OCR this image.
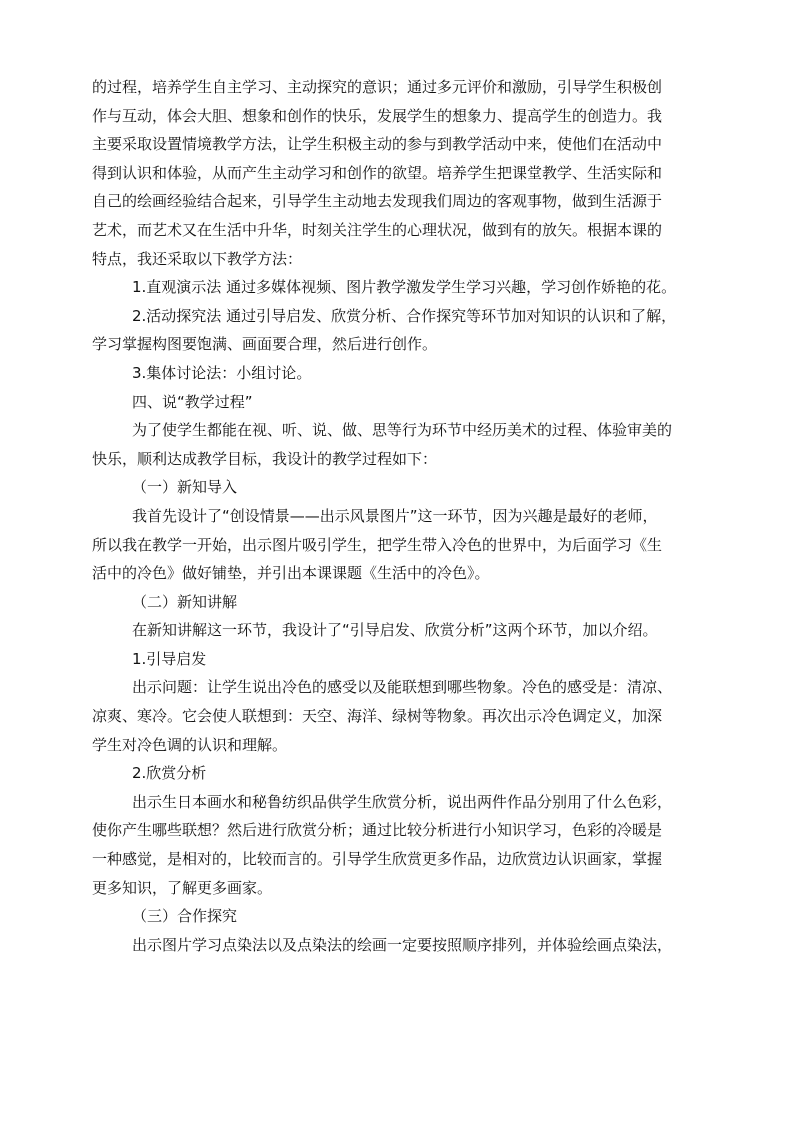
的过程，培养学生自主学习、主动探究的意识；通过多元评价和激励，引导学生积极创
作与互动，体会大胆、想象和创作的快乐，发展学生的想象力、提高学生的创造力。我
主要采取设置情境教学方法，让学生积极主动的参与到教学活动中来，使他们在活动中
得到认识和体验，从而产生主动学习和创作的欲望。培养学生把课堂教学、生活实际和
自己的绘画经验结合起来，引导学生主动地去发现我们周边的客观事物，做到生活源于
艺术，而艺术又在生活中升华，时刻关注学生的心理状况，做到有的放矢。根据本课的
特点，我还采取以下教学方法：
1.直观演示法 通过多媒体视频、图片教学激发学生学习兴趣，学习创作娇艳的花。
2.活动探究法 通过引导启发、欣赏分析、合作探究等环节加对知识的认识和了解，
学习掌握构图要饱满、画面要合理，然后进行创作。
3.集体讨论法：小组讨论。
四、说“教学过程”
为了使学生都能在视、听、说、做、思等行为环节中经历美术的过程、体验审美的
快乐，顺利达成教学目标，我设计的教学过程如下：
（一）新知导入
我首先设计了“创设情景——出示风景图片”这一环节，因为兴趣是最好的老师，
所以我在教学一开始，出示图片吸引学生，把学生带入冷色的世界中，为后面学习《生
活中的冷色》做好铺垫，并引出本课课题《生活中的冷色》。
（二）新知讲解
在新知讲解这一环节，我设计了“引导启发、欣赏分析”这两个环节，加以介绍。
1.引导启发
出示问题：让学生说出冷色的感受以及能联想到哪些物象。冷色的感受是：清凉、
凉爽、寒冷。它会使人联想到：天空、海洋、绿树等物象。再次出示冷色调定义，加深
学生对冷色调的认识和理解。
2.欣赏分析
出示生日本画水和秘鲁纺织品供学生欣赏分析，说出两件作品分别用了什么色彩，
使你产生哪些联想？然后进行欣赏分析；通过比较分析进行小知识学习，色彩的冷暖是
一种感觉，是相对的，比较而言的。引导学生欣赏更多作品，边欣赏边认识画家，掌握
更多知识，了解更多画家。
（三）合作探究
出示图片学习点染法以及点染法的绘画一定要按照顺序排列，并体验绘画点染法，
